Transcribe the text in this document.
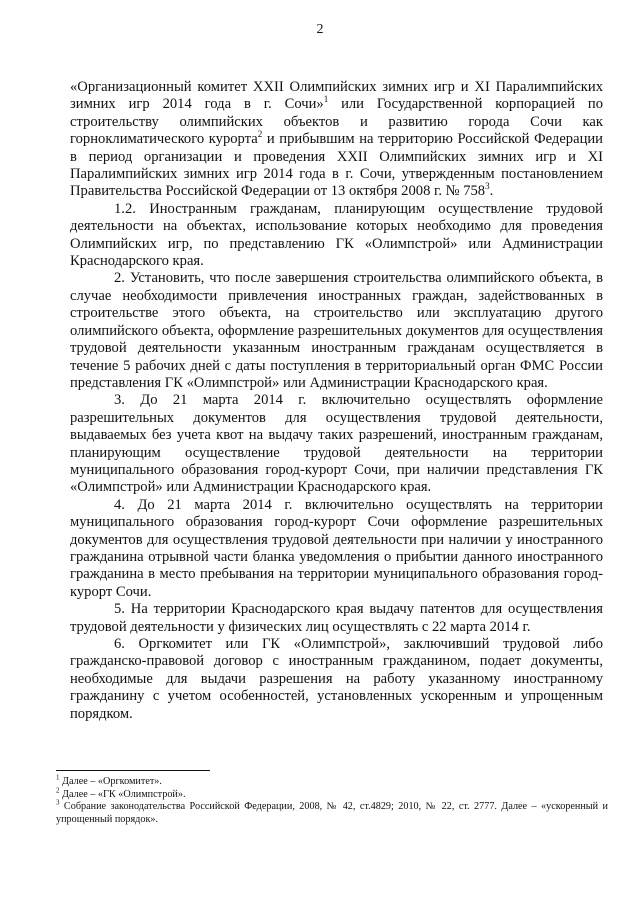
2

«Организационный комитет XXII Олимпийских зимних игр и XI Паралимпийских зимних игр 2014 года в г. Сочи»$^1$ или Государственной корпорацией по строительству олимпийских объектов и развитию города Сочи как горноклиматического курорта$^2$ и прибывшим на территорию Российской Федерации в период организации и проведения XXII Олимпийских зимних игр и XI Паралимпийских зимних игр 2014 года в г. Сочи, утвержденным постановлением Правительства Российской Федерации от 13 октября 2008 г. № $758^3$.

1.2. Иностранным гражданам, планирующим осуществление трудовой деятельности на объектах, использование которых необходимо для проведения Олимпийских игр, по представлению ГК «Олимпстрой» или Администрации Краснодарского края.

2. Установить, что после завершения строительства олимпийского объекта, в случае необходимости привлечения иностранных граждан, задействованных в строительстве этого объекта, на строительство или эксплуатацию другого олимпийского объекта, оформление разрешительных документов для осуществления трудовой деятельности указанным иностранным гражданам осуществляется в течение 5 рабочих дней с даты поступления в территориальный орган ФМС России представления ГК «Олимпстрой» или Администрации Краснодарского края.

3. До 21 марта 2014 г. включительно осуществлять оформление разрешительных документов для осуществления трудовой деятельности, выдаваемых без учета квот на выдачу таких разрешений, иностранным гражданам, планирующим осуществление трудовой деятельности на территории муниципального образования город-курорт Сочи, при наличии представления ГК «Олимпстрой» или Администрации Краснодарского края.

4. До 21 марта 2014 г. включительно осуществлять на территории муниципального образования город-курорт Сочи оформление разрешительных документов для осуществления трудовой деятельности при наличии у иностранного гражданина отрывной части бланка уведомления о прибытии данного иностранного гражданина в место пребывания на территории муниципального образования город-курорт Сочи.

5. На территории Краснодарского края выдачу патентов для осуществления трудовой деятельности у физических лиц осуществлять с 22 марта 2014 г.

6. Оргкомитет или ГК «Олимпстрой», заключивший трудовой либо гражданско-правовой договор с иностранным гражданином, подает документы, необходимые для выдачи разрешения на работу указанному иностранному гражданину с учетом особенностей, установленных ускоренным и упрощенным порядком.

$^1$ Далее – «Оргкомитет».

$^2$ Далее – «ГК «Олимпстрой».

$^3$ Собрание законодательства Российской Федерации, 2008, № 42, ст.4829; 2010, № 22, ст. 2777. Далее – «ускоренный и упрощенный порядок».
